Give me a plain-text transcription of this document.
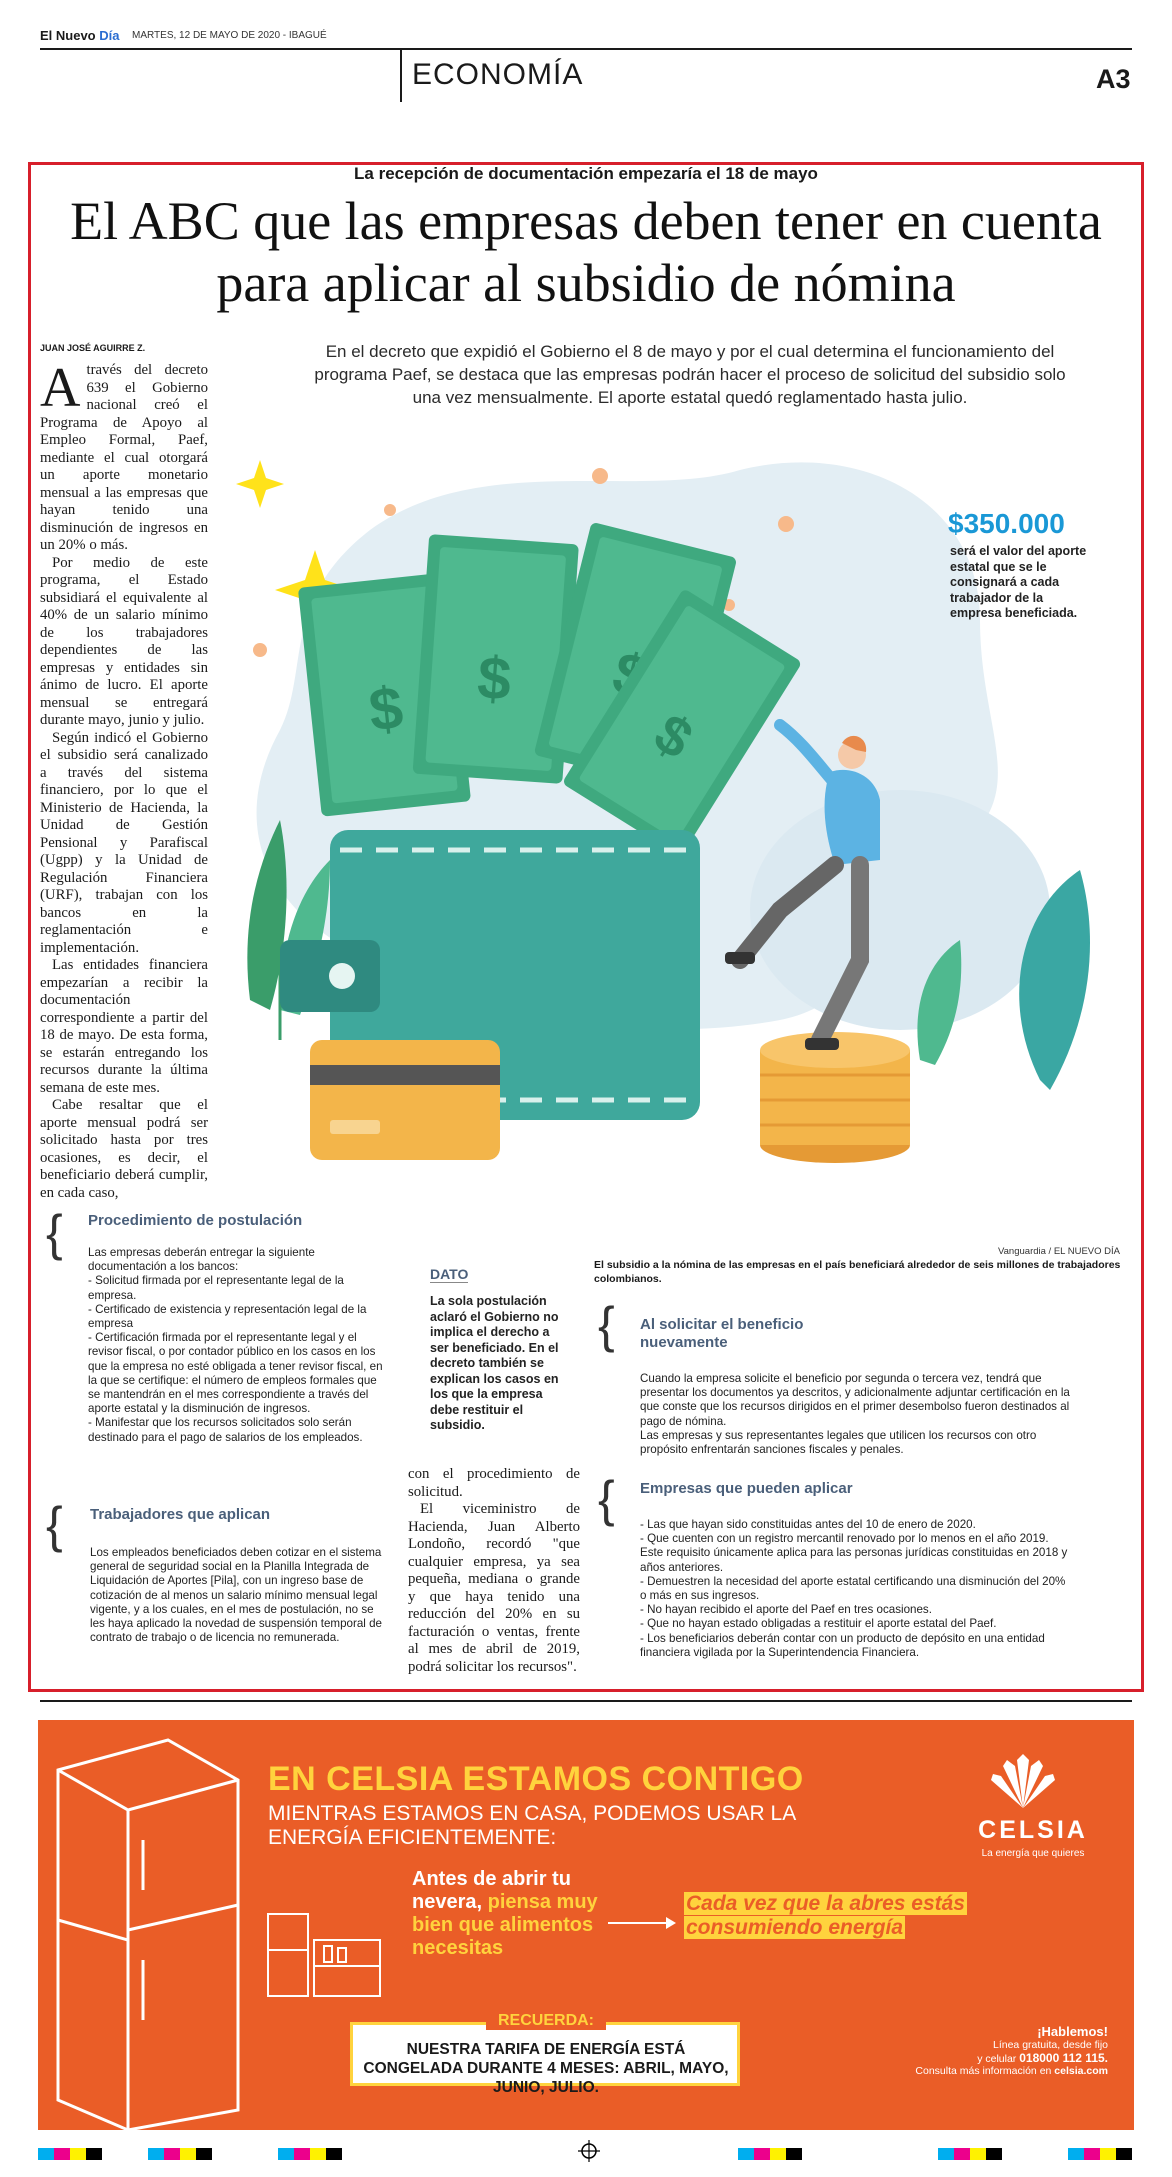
El Nuevo Día MARTES, 12 DE MAYO DE 2020 - IBAGUÉ
ECONOMÍA	A3
La recepción de documentación empezaría el 18 de mayo
El ABC que las empresas deben tener en cuenta para aplicar al subsidio de nómina
JUAN JOSÉ AGUIRRE Z.

Através del decreto 639 el Gobierno nacional creó el Programa de Apoyo al Empleo Formal, Paef, mediante el cual otorgará un aporte monetario mensual a las empresas que hayan tenido una disminución de ingresos en un 20% o más.

Por medio de este programa, el Estado subsidiará el equivalente al 40% de un salario mínimo de los trabajadores dependientes de las empresas y entidades sin ánimo de lucro. El aporte mensual se entregará durante mayo, junio y julio.

Según indicó el Gobierno el subsidio será canalizado a través del sistema financiero, por lo que el Ministerio de Hacienda, la Unidad de Gestión Pensional y Parafiscal (Ugpp) y la Unidad de Regulación Financiera (URF), trabajan con los bancos en la reglamentación e implementación.

Las entidades financiera empezarían a recibir la documentación correspondiente a partir del 18 de mayo. De esta forma, se estarán entregando los recursos durante la última semana de este mes.

Cabe resaltar que el aporte mensual podrá ser solicitado hasta por tres ocasiones, es decir, el beneficiario deberá cumplir, en cada caso,

En el decreto que expidió el Gobierno el 8 de mayo y por el cual determina el funcionamiento del programa Paef, se destaca que las empresas podrán hacer el proceso de solicitud del subsidio solo una vez mensualmente. El aporte estatal quedó reglamentado hasta julio.
$ $
$
$350.000
será el valor del aporte estatal que se le consignará a cada trabajador de la empresa beneficiada.
Vanguardia / EL NUEVO DÍA
El subsidio a la nómina de las empresas en el país beneficiará alrededor de seis millones de trabajadores colombianos.
{ Procedimiento de postulación
Las empresas deberán entregar la siguiente documentación a los bancos:
- Solicitud firmada por el representante legal de la empresa.
- Certificado de existencia y representación legal de la empresa
- Certificación firmada por el representante legal y el revisor fiscal, o por contador público en los casos en los que la empresa no esté obligada a tener revisor fiscal, en la que se certifique: el número de empleos formales que se mantendrán en el mes correspondiente a través del aporte estatal y la disminución de ingresos.
- Manifestar que los recursos solicitados solo serán destinado para el pago de salarios de los empleados.
{ Trabajadores que aplican
Los empleados beneficiados deben cotizar en el sistema general de seguridad social en la Planilla Integrada de Liquidación de Aportes [Pila], con un ingreso base de cotización de al menos un salario mínimo mensual legal vigente, y a los cuales, en el mes de postulación, no se les haya aplicado la novedad de suspensión temporal de contrato de trabajo o de licencia no remunerada.
DATO
La sola postulación aclaró el Gobierno no implica el derecho a ser beneficiado. En el decreto también se explican los casos en los que la empresa debe restituir el subsidio.

con el procedimiento de solicitud.

El viceministro de Hacienda, Juan Alberto Londoño, recordó "que cualquier empresa, ya sea pequeña, mediana o grande y que haya tenido una reducción del 20% en su facturación o ventas, frente al mes de abril de 2019, podrá solicitar los recursos".

{ Al solicitar el beneficio nuevamente
Cuando la empresa solicite el beneficio por segunda o tercera vez, tendrá que presentar los documentos ya descritos, y adicionalmente adjuntar certificación en la que conste que los recursos dirigidos en el primer desembolso fueron destinados al pago de nómina.
Las empresas y sus representantes legales que utilicen los recursos con otro propósito enfrentarán sanciones fiscales y penales.
{ Empresas que pueden aplicar
- Las que hayan sido constituidas antes del 10 de enero de 2020.
- Que cuenten con un registro mercantil renovado por lo menos en el año 2019. Este requisito únicamente aplica para las personas jurídicas constituidas en 2018 y años anteriores.
- Demuestren la necesidad del aporte estatal certificando una disminución del 20% o más en sus ingresos.
- No hayan recibido el aporte del Paef en tres ocasiones.
- Que no hayan estado obligadas a restituir el aporte estatal del Paef.
- Los beneficiarios deberán contar con un producto de depósito en una entidad financiera vigilada por la Superintendencia Financiera.
EN CELSIA ESTAMOS CONTIGO
MIENTRAS ESTAMOS EN CASA, PODEMOS USAR LA ENERGÍA EFICIENTEMENTE:	CELSIA
La energía que quieres
Antes de abrir tu nevera, piensa muy bien que alimentos necesitas
Cada vez que la abres estás consumiendo energía
RECUERDA:
NUESTRA TARIFA DE ENERGÍA ESTÁ CONGELADA DURANTE 4 MESES: ABRIL, MAYO, JUNIO, JULIO.
¡Hablemos!
Línea gratuita, desde fijo
y celular 018000 112 115.
Consulta más información en celsia.com
